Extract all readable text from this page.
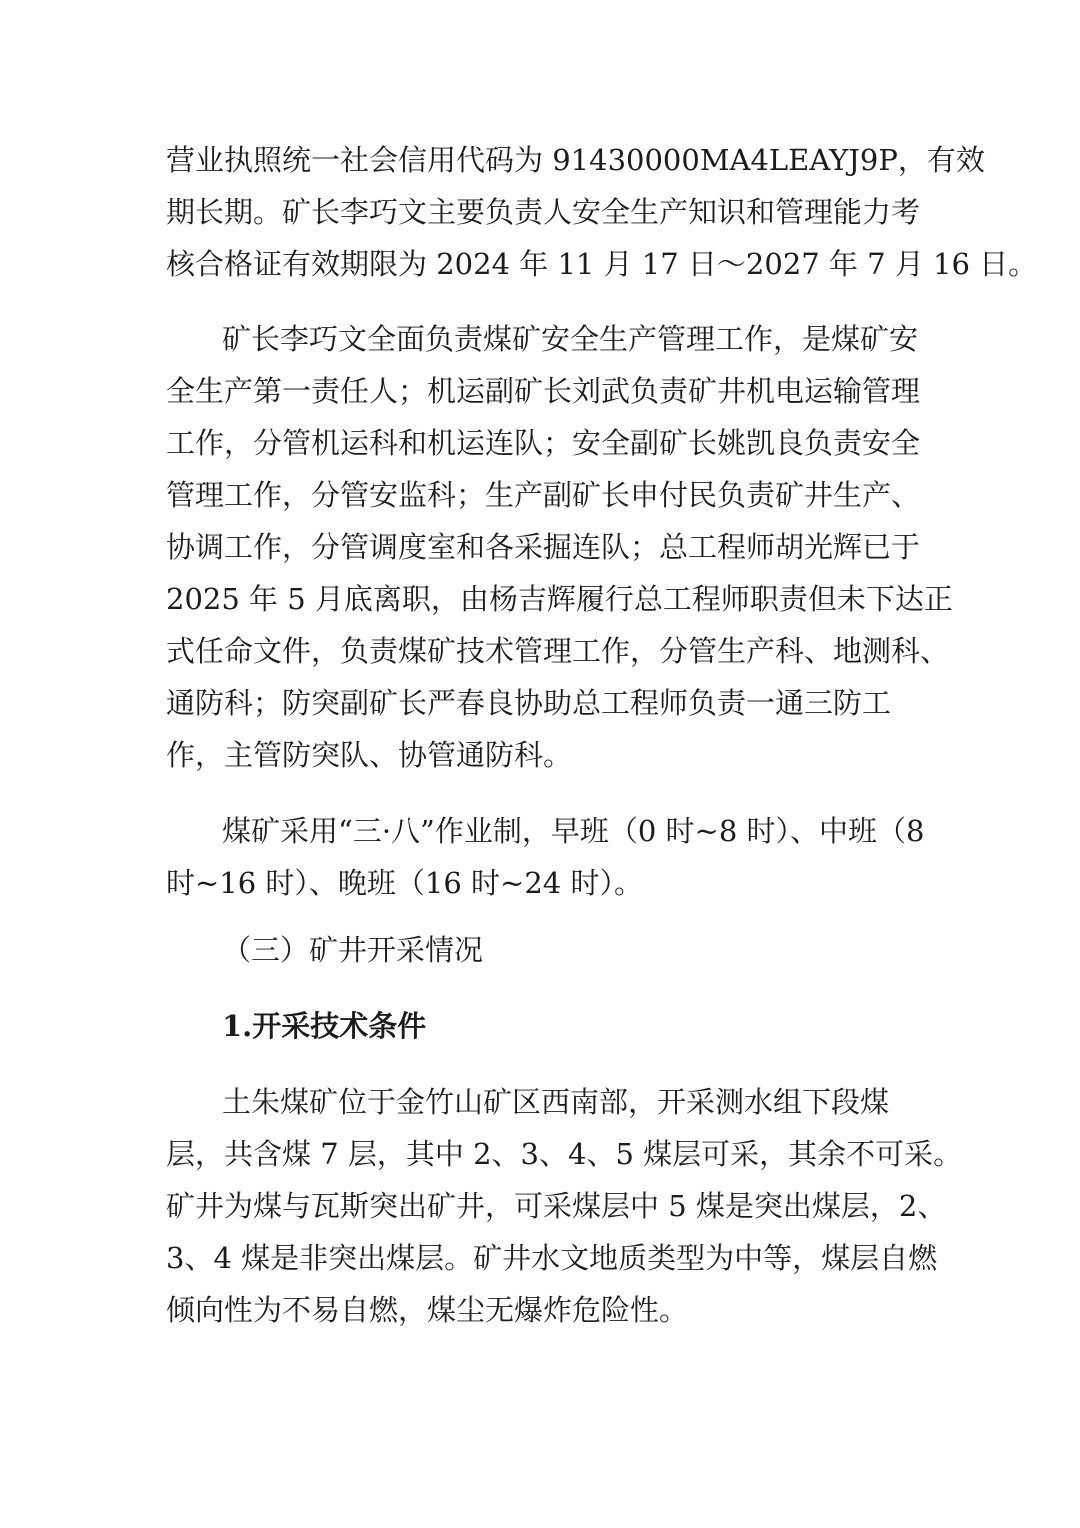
营业执照统一社会信用代码为 91430000MA4LEAYJ9P，有效
期长期。矿长李巧文主要负责人安全生产知识和管理能力考
核合格证有效期限为 2024 年 11 月 17 日～2027 年 7 月 16 日。
矿长李巧文全面负责煤矿安全生产管理工作，是煤矿安
全生产第一责任人；机运副矿长刘武负责矿井机电运输管理
工作，分管机运科和机运连队；安全副矿长姚凯良负责安全
管理工作，分管安监科；生产副矿长申付民负责矿井生产、
协调工作，分管调度室和各采掘连队；总工程师胡光辉已于
2025 年 5 月底离职，由杨吉辉履行总工程师职责但未下达正
式任命文件，负责煤矿技术管理工作，分管生产科、地测科、
通防科；防突副矿长严春良协助总工程师负责一通三防工
作，主管防突队、协管通防科。
煤矿采用“三·八”作业制，早班（0 时~8 时）、中班（8
时~16 时）、晚班（16 时~24 时）。
（三）矿井开采情况
1.开采技术条件
土朱煤矿位于金竹山矿区西南部，开采测水组下段煤
层，共含煤 7 层，其中 2、3、4、5 煤层可采，其余不可采。
矿井为煤与瓦斯突出矿井，可采煤层中 5 煤是突出煤层，2、
3、4 煤是非突出煤层。矿井水文地质类型为中等，煤层自燃
倾向性为不易自燃，煤尘无爆炸危险性。
